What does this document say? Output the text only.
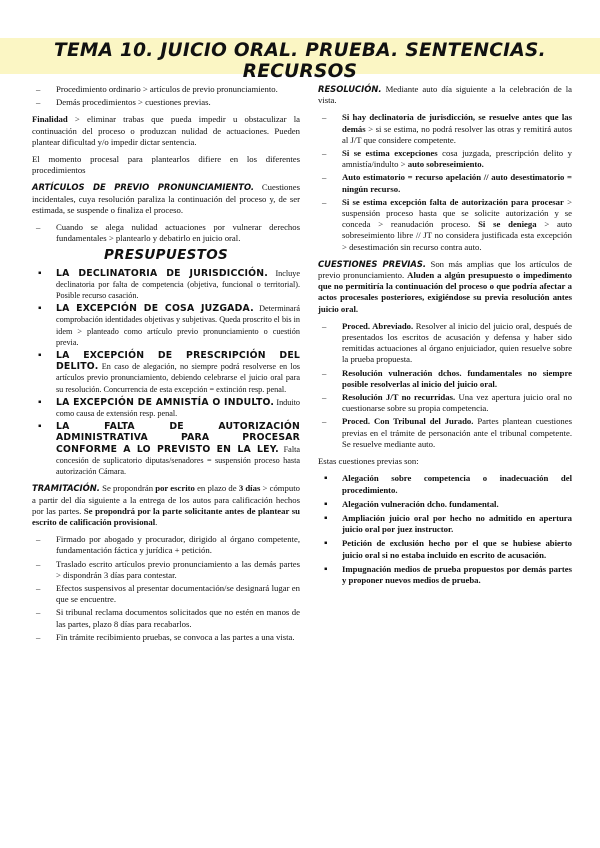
TEMA 10. JUICIO ORAL. PRUEBA. SENTENCIAS. RECURSOS
– Procedimiento ordinario > artículos de previo pronunciamiento.
– Demás procedimientos > cuestiones previas.

Finalidad > eliminar trabas que pueda impedir u obstaculizar la continuación del proceso o produzcan nulidad de actuaciones. Pueden plantear dificultad y/o impedir dictar sentencia.

El momento procesal para plantearlos difiere en los diferentes procedimientos

ARTÍCULOS DE PREVIO PRONUNCIAMIENTO. Cuestiones incidentales, cuya resolución paraliza la continuación del proceso y, de ser estimada, se suspende o finaliza el proceso.

– Cuando se alega nulidad actuaciones por vulnerar derechos fundamentales > plantearlo y debatirlo en juicio oral.
PRESUPUESTOS
▪ LA DECLINATORIA DE JURISDICCIÓN. Incluye declinatoria por falta de competencia (objetiva, funcional o territorial). Posible recurso casación.
▪ LA EXCEPCIÓN DE COSA JUZGADA. Determinará comprobación identidades objetivas y subjetivas. Queda proscrito el bis in idem > planteado como artículo previo pronunciamiento o cuestión previa.
▪ LA EXCEPCIÓN DE PRESCRIPCIÓN DEL DELITO. En caso de alegación, no siempre podrá resolverse en los artículos previo pronunciamiento, debiendo celebrarse el juicio oral para su resolución. Concurrencia de esta excepción = extinción resp. penal.
▪ LA EXCEPCIÓN DE AMNISTÍA O INDULTO. Induito como causa de extensión resp. penal.
▪ LA FALTA DE AUTORIZACIÓN ADMINISTRATIVA PARA PROCESAR CONFORME A LO PREVISTO EN LA LEY. Falta concesión de suplicatorio diputas/senadores = suspensión proceso hasta autorización Cámara.

TRAMITACIÓN. Se propondrán por escrito en plazo de 3 días > cómputo a partir del día siguiente a la entrega de los autos para calificación hechos por las partes. Se propondrá por la parte solicitante antes de plantear su escrito de calificación provisional.

– Firmado por abogado y procurador, dirigido al órgano competente, fundamentación fáctica y jurídica + petición.
– Traslado escrito artículos previo pronunciamiento a las demás partes > dispondrán 3 días para contestar.
– Efectos suspensivos al presentar documentación/se designará lugar en que se encuentre.
– Si tribunal reclama documentos solicitados que no estén en manos de las partes, plazo 8 días para recabarlos.
– Fin trámite recibimiento pruebas, se convoca a las partes a una vista.

RESOLUCIÓN. Mediante auto día siguiente a la celebración de la vista.

– Si hay declinatoria de jurisdicción, se resuelve antes que las demás > si se estima, no podrá resolver las otras y remitirá autos al J/T que considere competente.
– Si se estima excepciones cosa juzgada, prescripción delito y amnistía/indulto > auto sobreseimiento.
– Auto estimatorio = recurso apelación // auto desestimatorio = ningún recurso.
– Si se estima excepción falta de autorización para procesar > suspensión proceso hasta que se solicite autorización y se conceda > reanudación proceso. Si se deniega > auto sobreseimiento libre // JT no considera justificada esta excepción > desestimación sin recurso contra auto.

CUESTIONES PREVIAS. Son más amplias que los artículos de previo pronunciamiento. Aluden a algún presupuesto o impedimento que no permitiría la continuación del proceso o que podría afectar a actos procesales posteriores, exigiéndose su previa resolución antes juicio oral.

– Proced. Abreviado. Resolver al inicio del juicio oral, después de presentados los escritos de acusación y defensa y haber sido remitidas actuaciones al órgano enjuiciador, quien resuelve sobre la prueba propuesta.
– Resolución vulneración dchos. fundamentales no siempre posible resolverlas al inicio del juicio oral.
– Resolución J/T no recurridas. Una vez apertura juicio oral no cuestionarse sobre su propia competencia.
– Proced. Con Tribunal del Jurado. Partes plantean cuestiones previas en el trámite de personación ante el tribunal competente. Se resuelve mediante auto.

Estas cuestiones previas son:

▪ Alegación sobre competencia o inadecuación del procedimiento.
▪ Alegación vulneración dcho. fundamental.
▪ Ampliación juicio oral por hecho no admitido en apertura juicio oral por juez instructor.
▪ Petición de exclusión hecho por el que se hubiese abierto juicio oral si no estaba incluido en escrito de acusación.
▪ Impugnación medios de prueba propuestos por demás partes y proponer nuevos medios de prueba.
